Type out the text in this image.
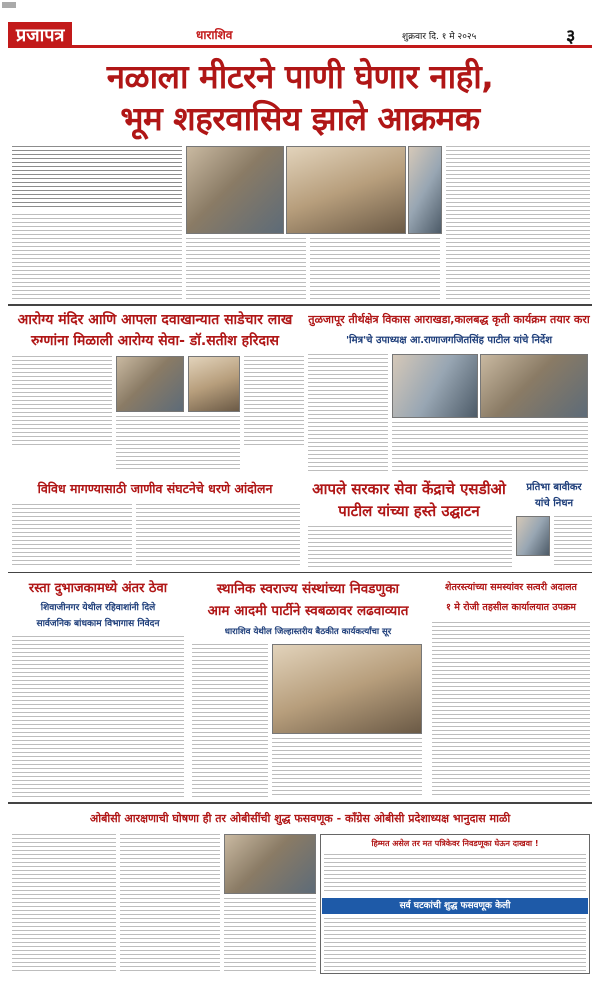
प्रजापत्र	धाराशिव	शुक्रवार दि. १ मे २०२५	३
नळाला मीटरने पाणी घेणार नाही,
भूम शहरवासिय झाले आक्रमक
आरोग्य मंदिर आणि आपला दवाखान्यात साडेचार लाख
रुग्णांना मिळाली आरोग्य सेवा- डॉ.सतीश हरिदास
तुळजापूर तीर्थक्षेत्र विकास आराखडा,कालबद्ध कृती कार्यक्रम तयार करा
'मित्र'चे उपाध्यक्ष आ.राणाजगजितसिंह पाटील यांचे निर्देश
विविध मागण्यासाठी जाणीव संघटनेचे धरणे आंदोलन	आपले सरकार सेवा केंद्राचे एसडीओ
पाटील यांच्या हस्ते उद्घाटन
प्रतिभा बावीकर
यांचे निधन
रस्ता दुभाजकामध्ये अंतर ठेवा
शिवाजीनगर येथील रहिवाशांनी दिले
सार्वजनिक बांधकाम विभागास निवेदन
स्थानिक स्वराज्य संस्थांच्या निवडणुका
आम आदमी पार्टीने स्वबळावर लढवाव्यात
धाराशिव येथील जिल्हास्तरीय बैठकीत कार्यकर्त्यांचा सूर
शेतरस्त्यांच्या समस्यांवर सत्वरी अदालत
१ मे रोजी तहसील कार्यालयात उपक्रम
ओबीसी आरक्षणाची घोषणा ही तर ओबीसींची शुद्ध फसवणूक - काँग्रेस ओबीसी प्रदेशाध्यक्ष भानुदास माळी
हिम्मत असेल तर मत पत्रिकेवर निवडणूका घेऊन दाखवा !
सर्व घटकांची शुद्ध फसवणूक केली
